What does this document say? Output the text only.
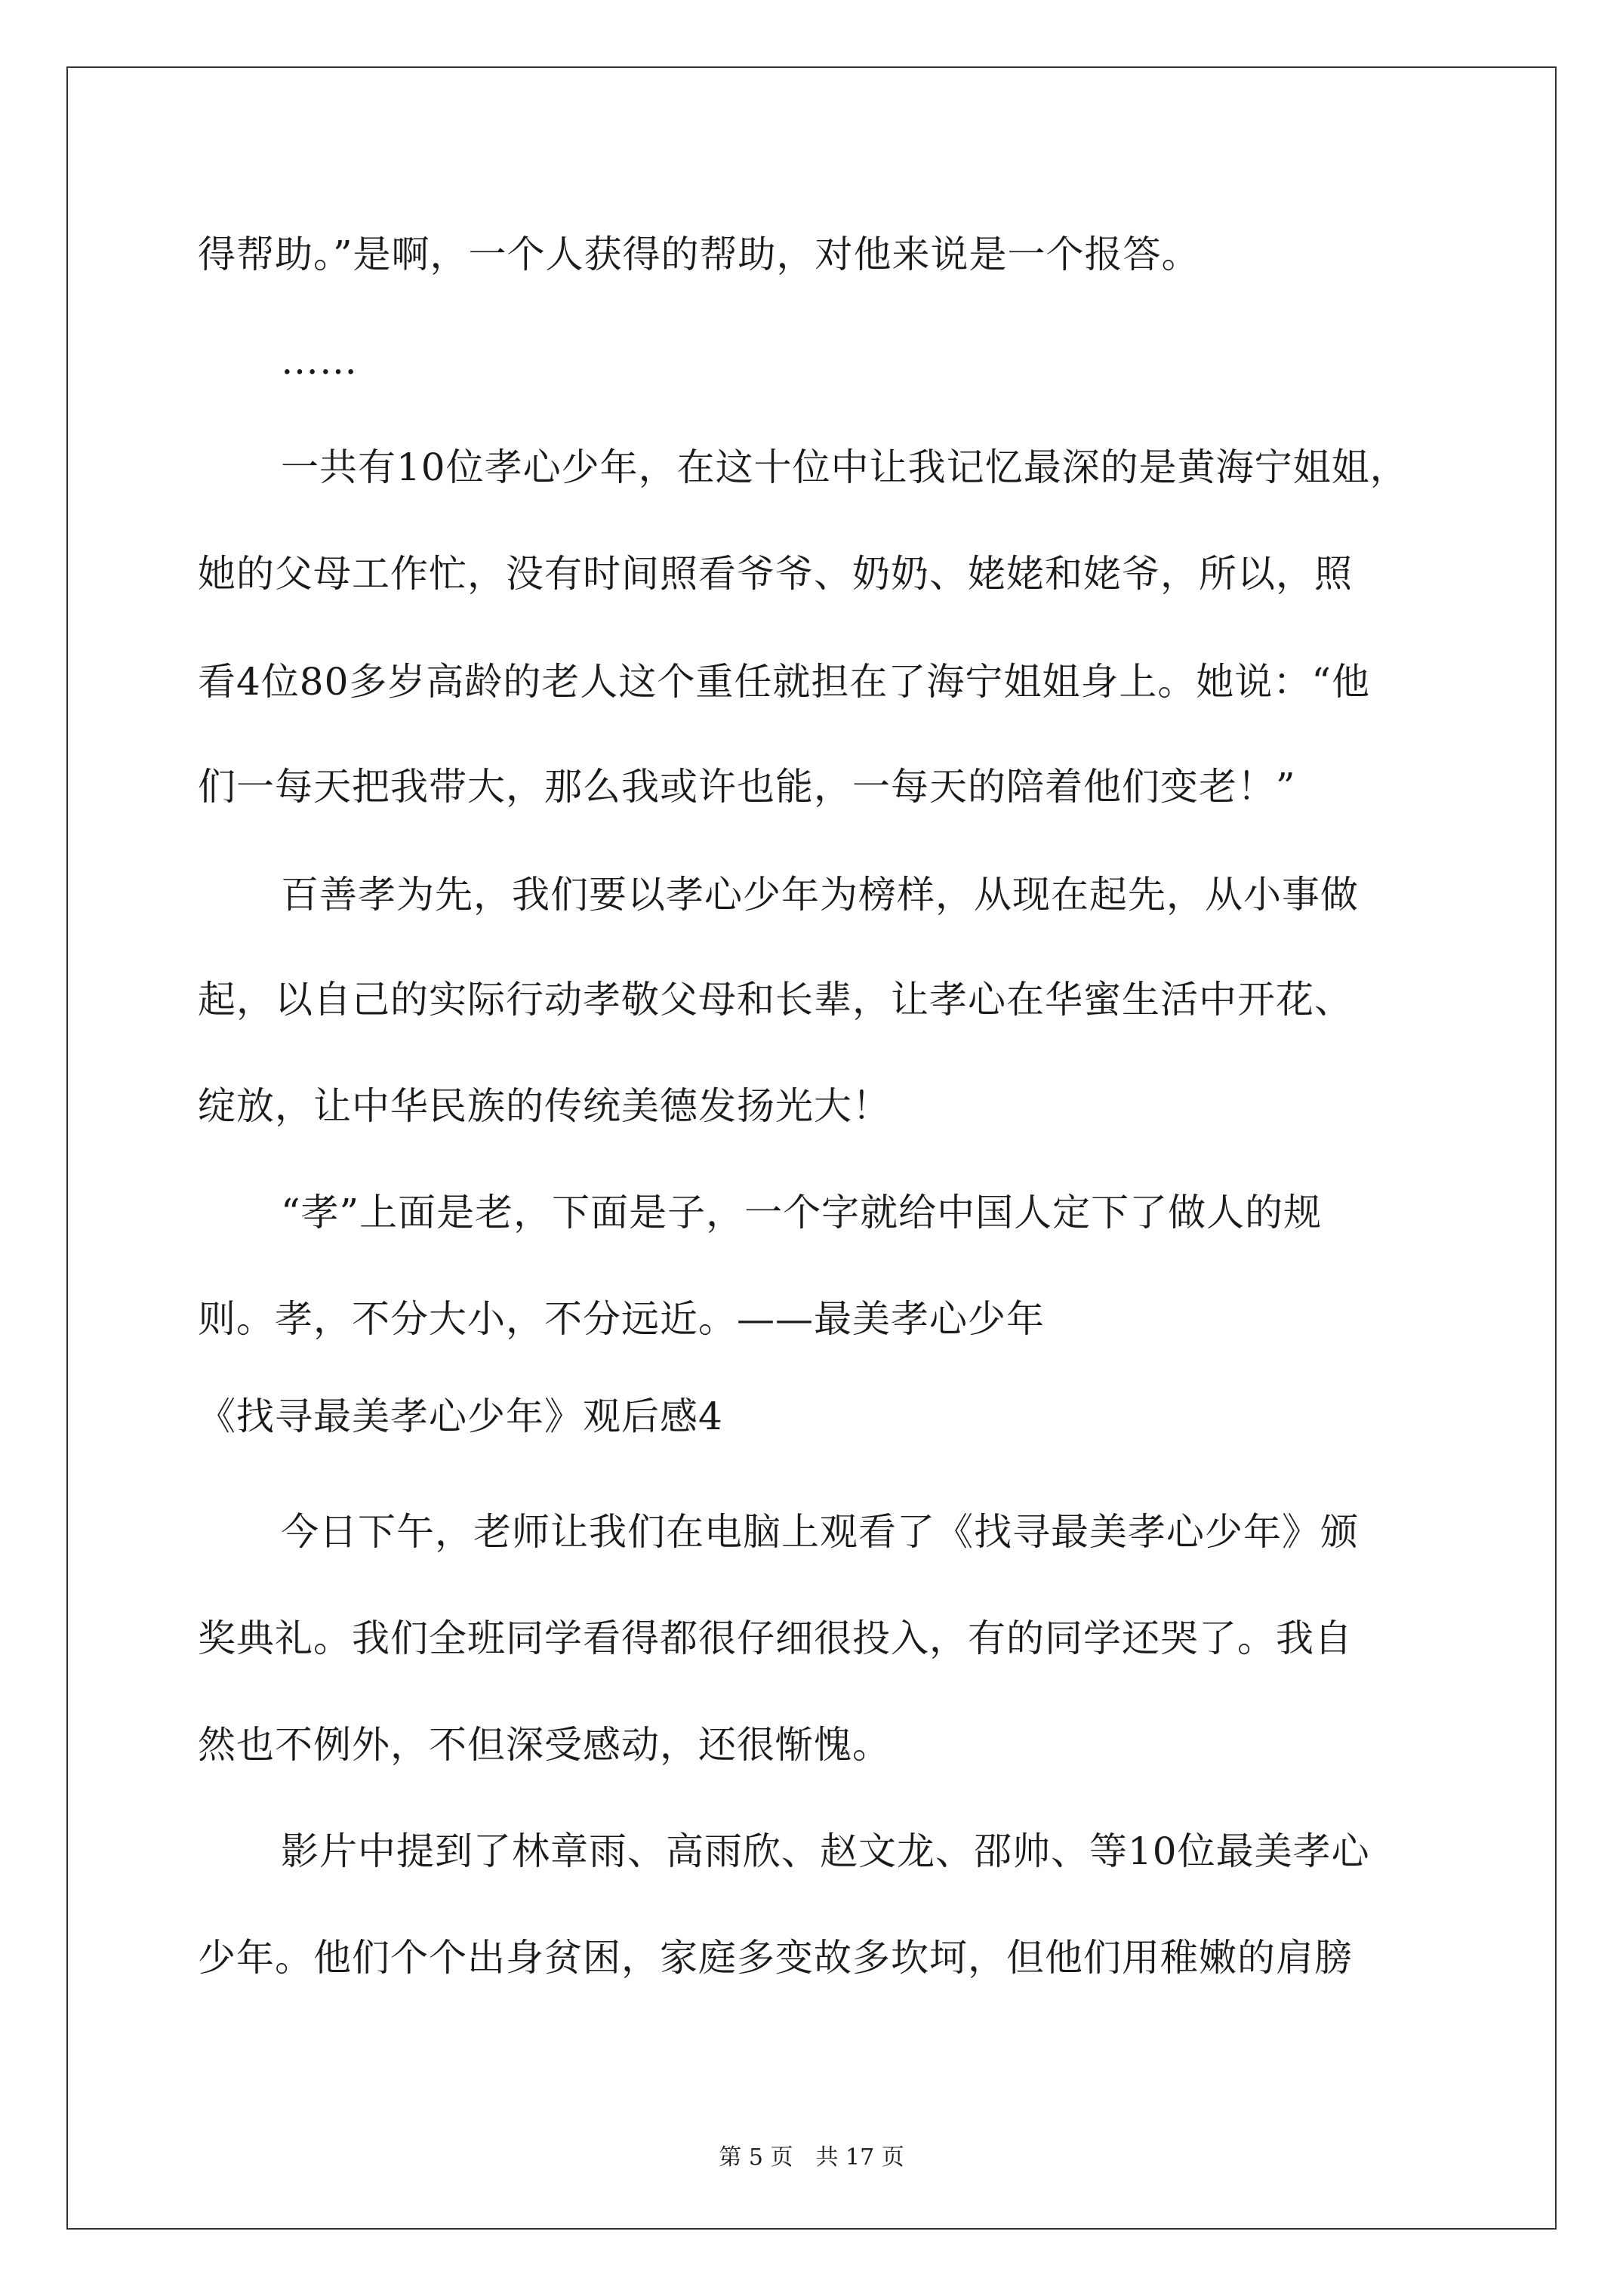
得帮助。”是啊，一个人获得的帮助，对他来说是一个报答。
……
一共有10位孝心少年，在这十位中让我记忆最深的是黄海宁姐姐，
她的父母工作忙，没有时间照看爷爷、奶奶、姥姥和姥爷，所以，照
看4位80多岁高龄的老人这个重任就担在了海宁姐姐身上。她说：“他
们一每天把我带大，那么我或许也能，一每天的陪着他们变老！”
百善孝为先，我们要以孝心少年为榜样，从现在起先，从小事做
起，以自己的实际行动孝敬父母和长辈，让孝心在华蜜生活中开花、
绽放，让中华民族的传统美德发扬光大！
“孝”上面是老，下面是子，一个字就给中国人定下了做人的规
则。孝，不分大小，不分远近。——最美孝心少年
《找寻最美孝心少年》观后感4
今日下午，老师让我们在电脑上观看了《找寻最美孝心少年》颁
奖典礼。我们全班同学看得都很仔细很投入，有的同学还哭了。我自
然也不例外，不但深受感动，还很惭愧。
影片中提到了林章雨、高雨欣、赵文龙、邵帅、等10位最美孝心
少年。他们个个出身贫困，家庭多变故多坎坷，但他们用稚嫩的肩膀
第 5 页　共 17 页
